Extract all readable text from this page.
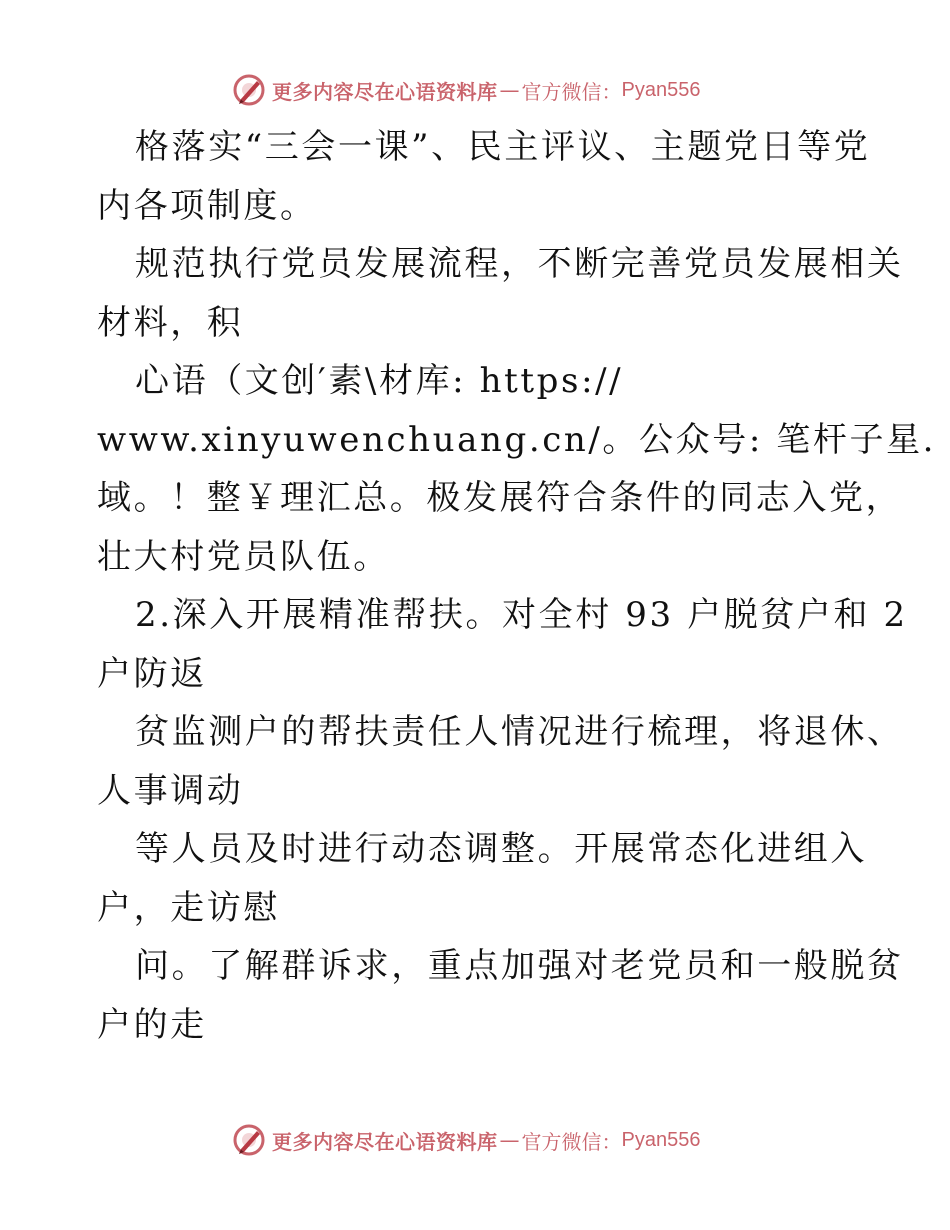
更多内容尽在心语资料库 — 官方微信： Pyan556
格落实“三会一课”、民主评议、主题党日等党
内各项制度。
规范执行党员发展流程，不断完善党员发展相关
材料，积
心语（文创′素\材库: https://
www.xinyuwenchuang.cn/。公众号: 笔杆子星.
域。！整￥理汇总。极发展符合条件的同志入党，
壮大村党员队伍。
2.深入开展精准帮扶。对全村 93 户脱贫户和 2
户防返
贫监测户的帮扶责任人情况进行梳理，将退休、
人事调动
等人员及时进行动态调整。开展常态化进组入
户，走访慰
问。了解群诉求，重点加强对老党员和一般脱贫
户的走
更多内容尽在心语资料库 — 官方微信： Pyan556
